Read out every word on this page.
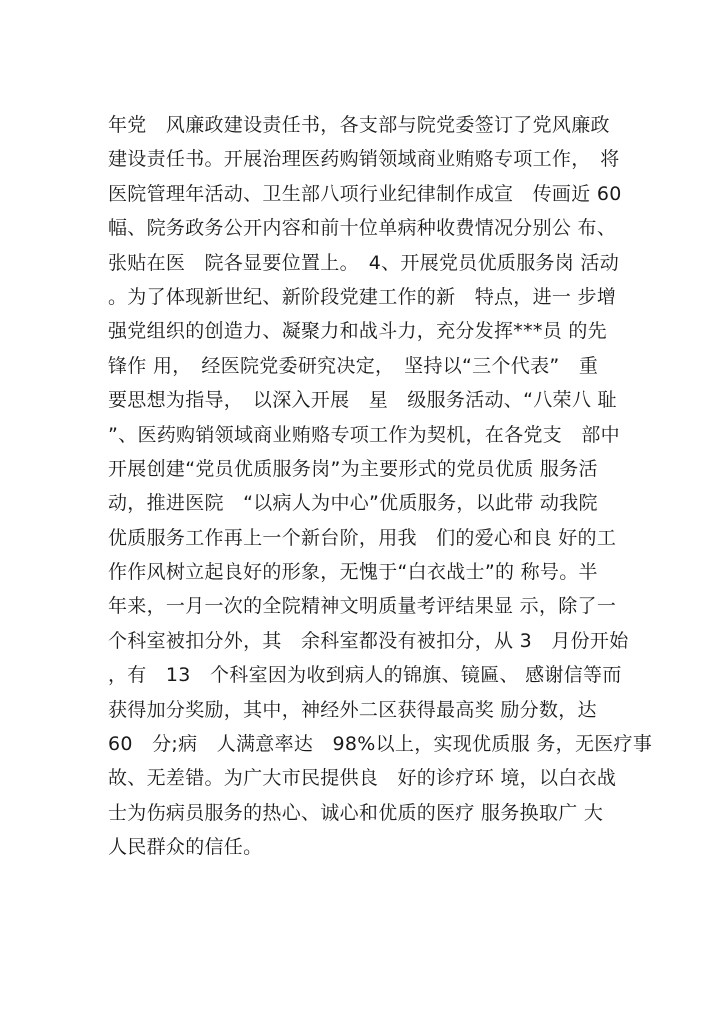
年党　风廉政建设责任书，各支部与院党委签订了党风廉政
建设责任书。开展治理医药购销领域商业贿赂专项工作，　将
医院管理年活动、卫生部八项行业纪律制作成宣　传画近 60
幅、院务政务公开内容和前十位单病种收费情况分别公 布、
张贴在医　院各显要位置上。　4、开展党员优质服务岗 活动
。为了体现新世纪、新阶段党建工作的新　特点，进一 步增
强党组织的创造力、凝聚力和战斗力，充分发挥***员 的先
锋作 用，　经医院党委研究决定，　坚持以“三个代表”　重
要思想为指导，　以深入开展　星　级服务活动、“八荣八 耻
”、医药购销领域商业贿赂专项工作为契机，在各党支　部中
开展创建“党员优质服务岗”为主要形式的党员优质 服务活
动，推进医院　“以病人为中心”优质服务，以此带 动我院
优质服务工作再上一个新台阶，用我　们的爱心和良 好的工
作作风树立起良好的形象，无愧于“白衣战士”的 称号。半
年来，一月一次的全院精神文明质量考评结果显 示，除了一
个科室被扣分外，其　余科室都没有被扣分，从 3　月份开始
，有　13　个科室因为收到病人的锦旗、镜匾、 感谢信等而
获得加分奖励，其中，神经外二区获得最高奖 励分数，达
60　分;病　人满意率达　98%以上，实现优质服 务，无医疗事
故、无差错。为广大市民提供良　好的诊疗环 境，以白衣战
士为伤病员服务的热心、诚心和优质的医疗 服务换取广 大
人民群众的信任。
